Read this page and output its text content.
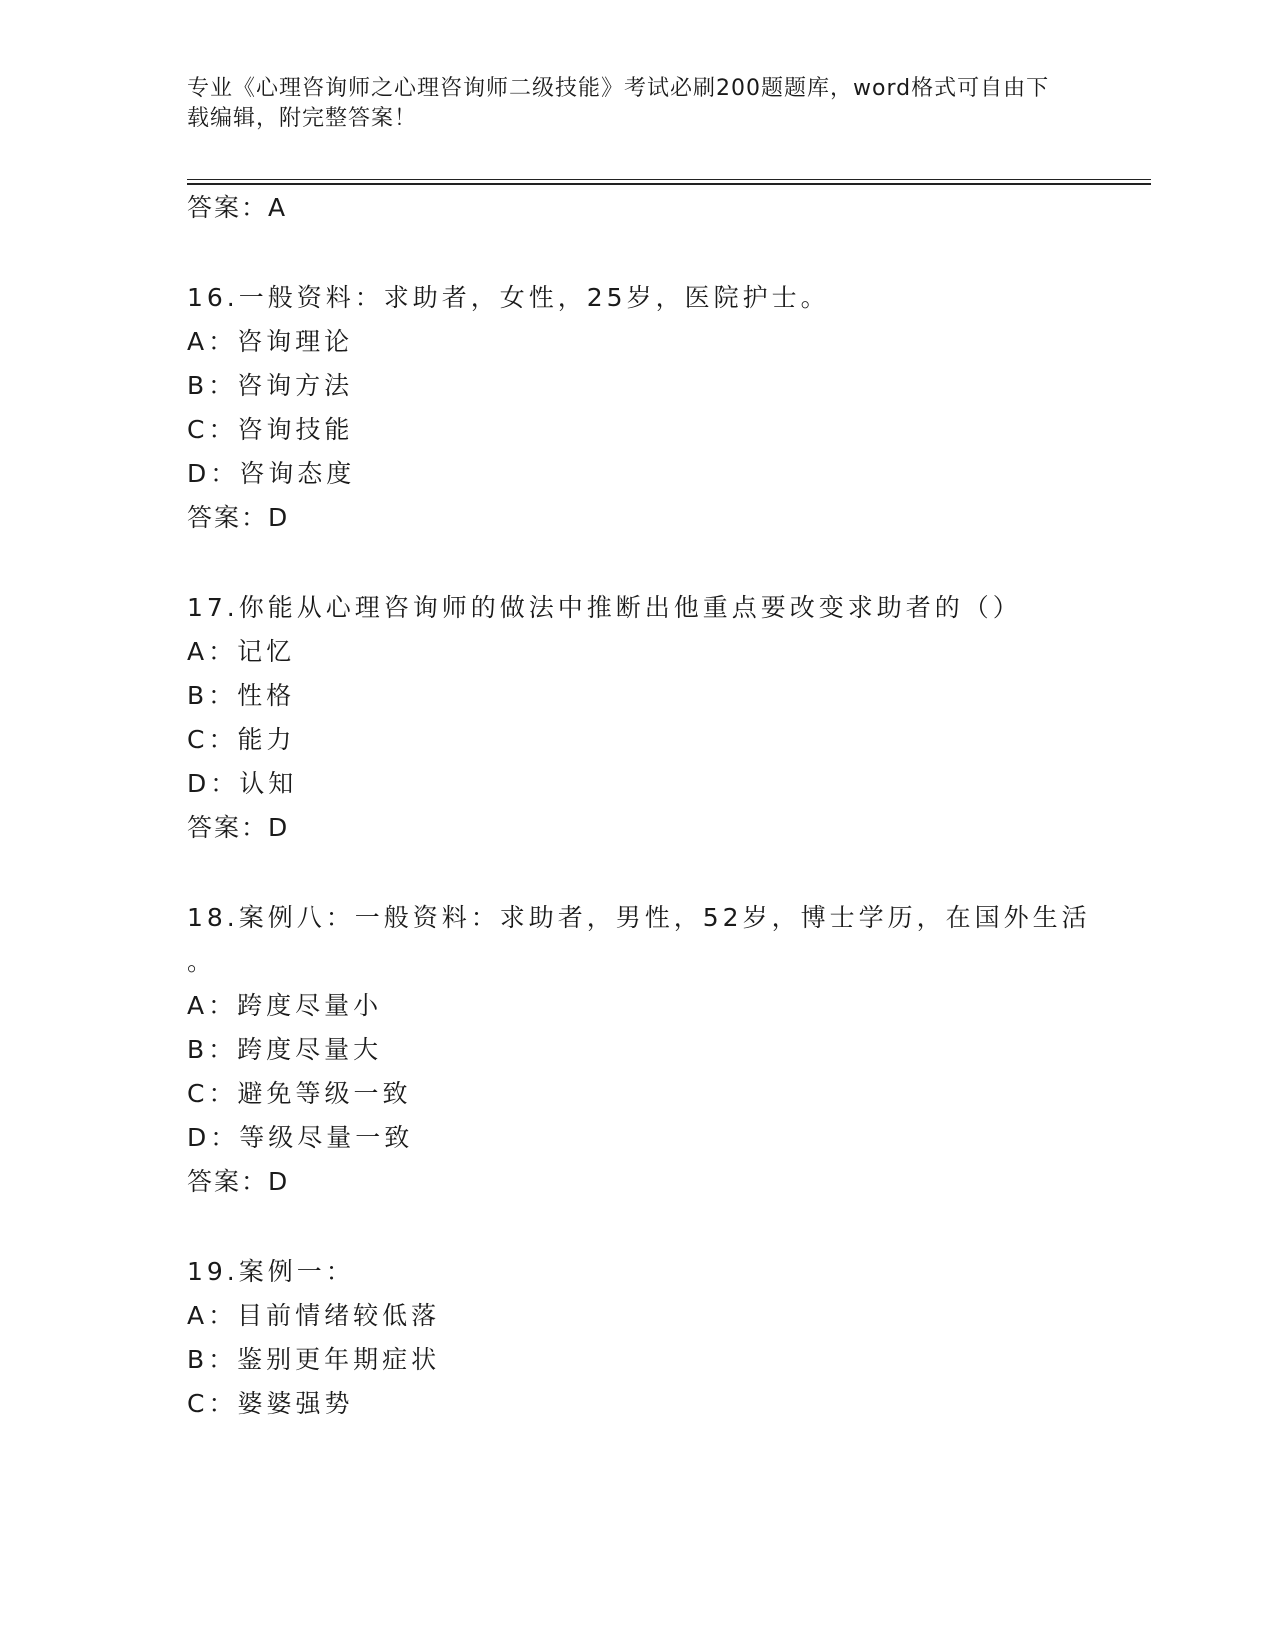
专业《心理咨询师之心理咨询师二级技能》考试必刷200题题库，word格式可自由下载编辑，附完整答案！
答案：A
16.一般资料：求助者，女性，25岁，医院护士。
A：咨询理论
B：咨询方法
C：咨询技能
D：咨询态度
答案：D
17.你能从心理咨询师的做法中推断出他重点要改变求助者的（）
A：记忆
B：性格
C：能力
D：认知
答案：D
18.案例八：一般资料：求助者，男性，52岁，博士学历，在国外生活
。
A：跨度尽量小
B：跨度尽量大
C：避免等级一致
D：等级尽量一致
答案：D
19.案例一：
A：目前情绪较低落
B：鉴别更年期症状
C：婆婆强势
